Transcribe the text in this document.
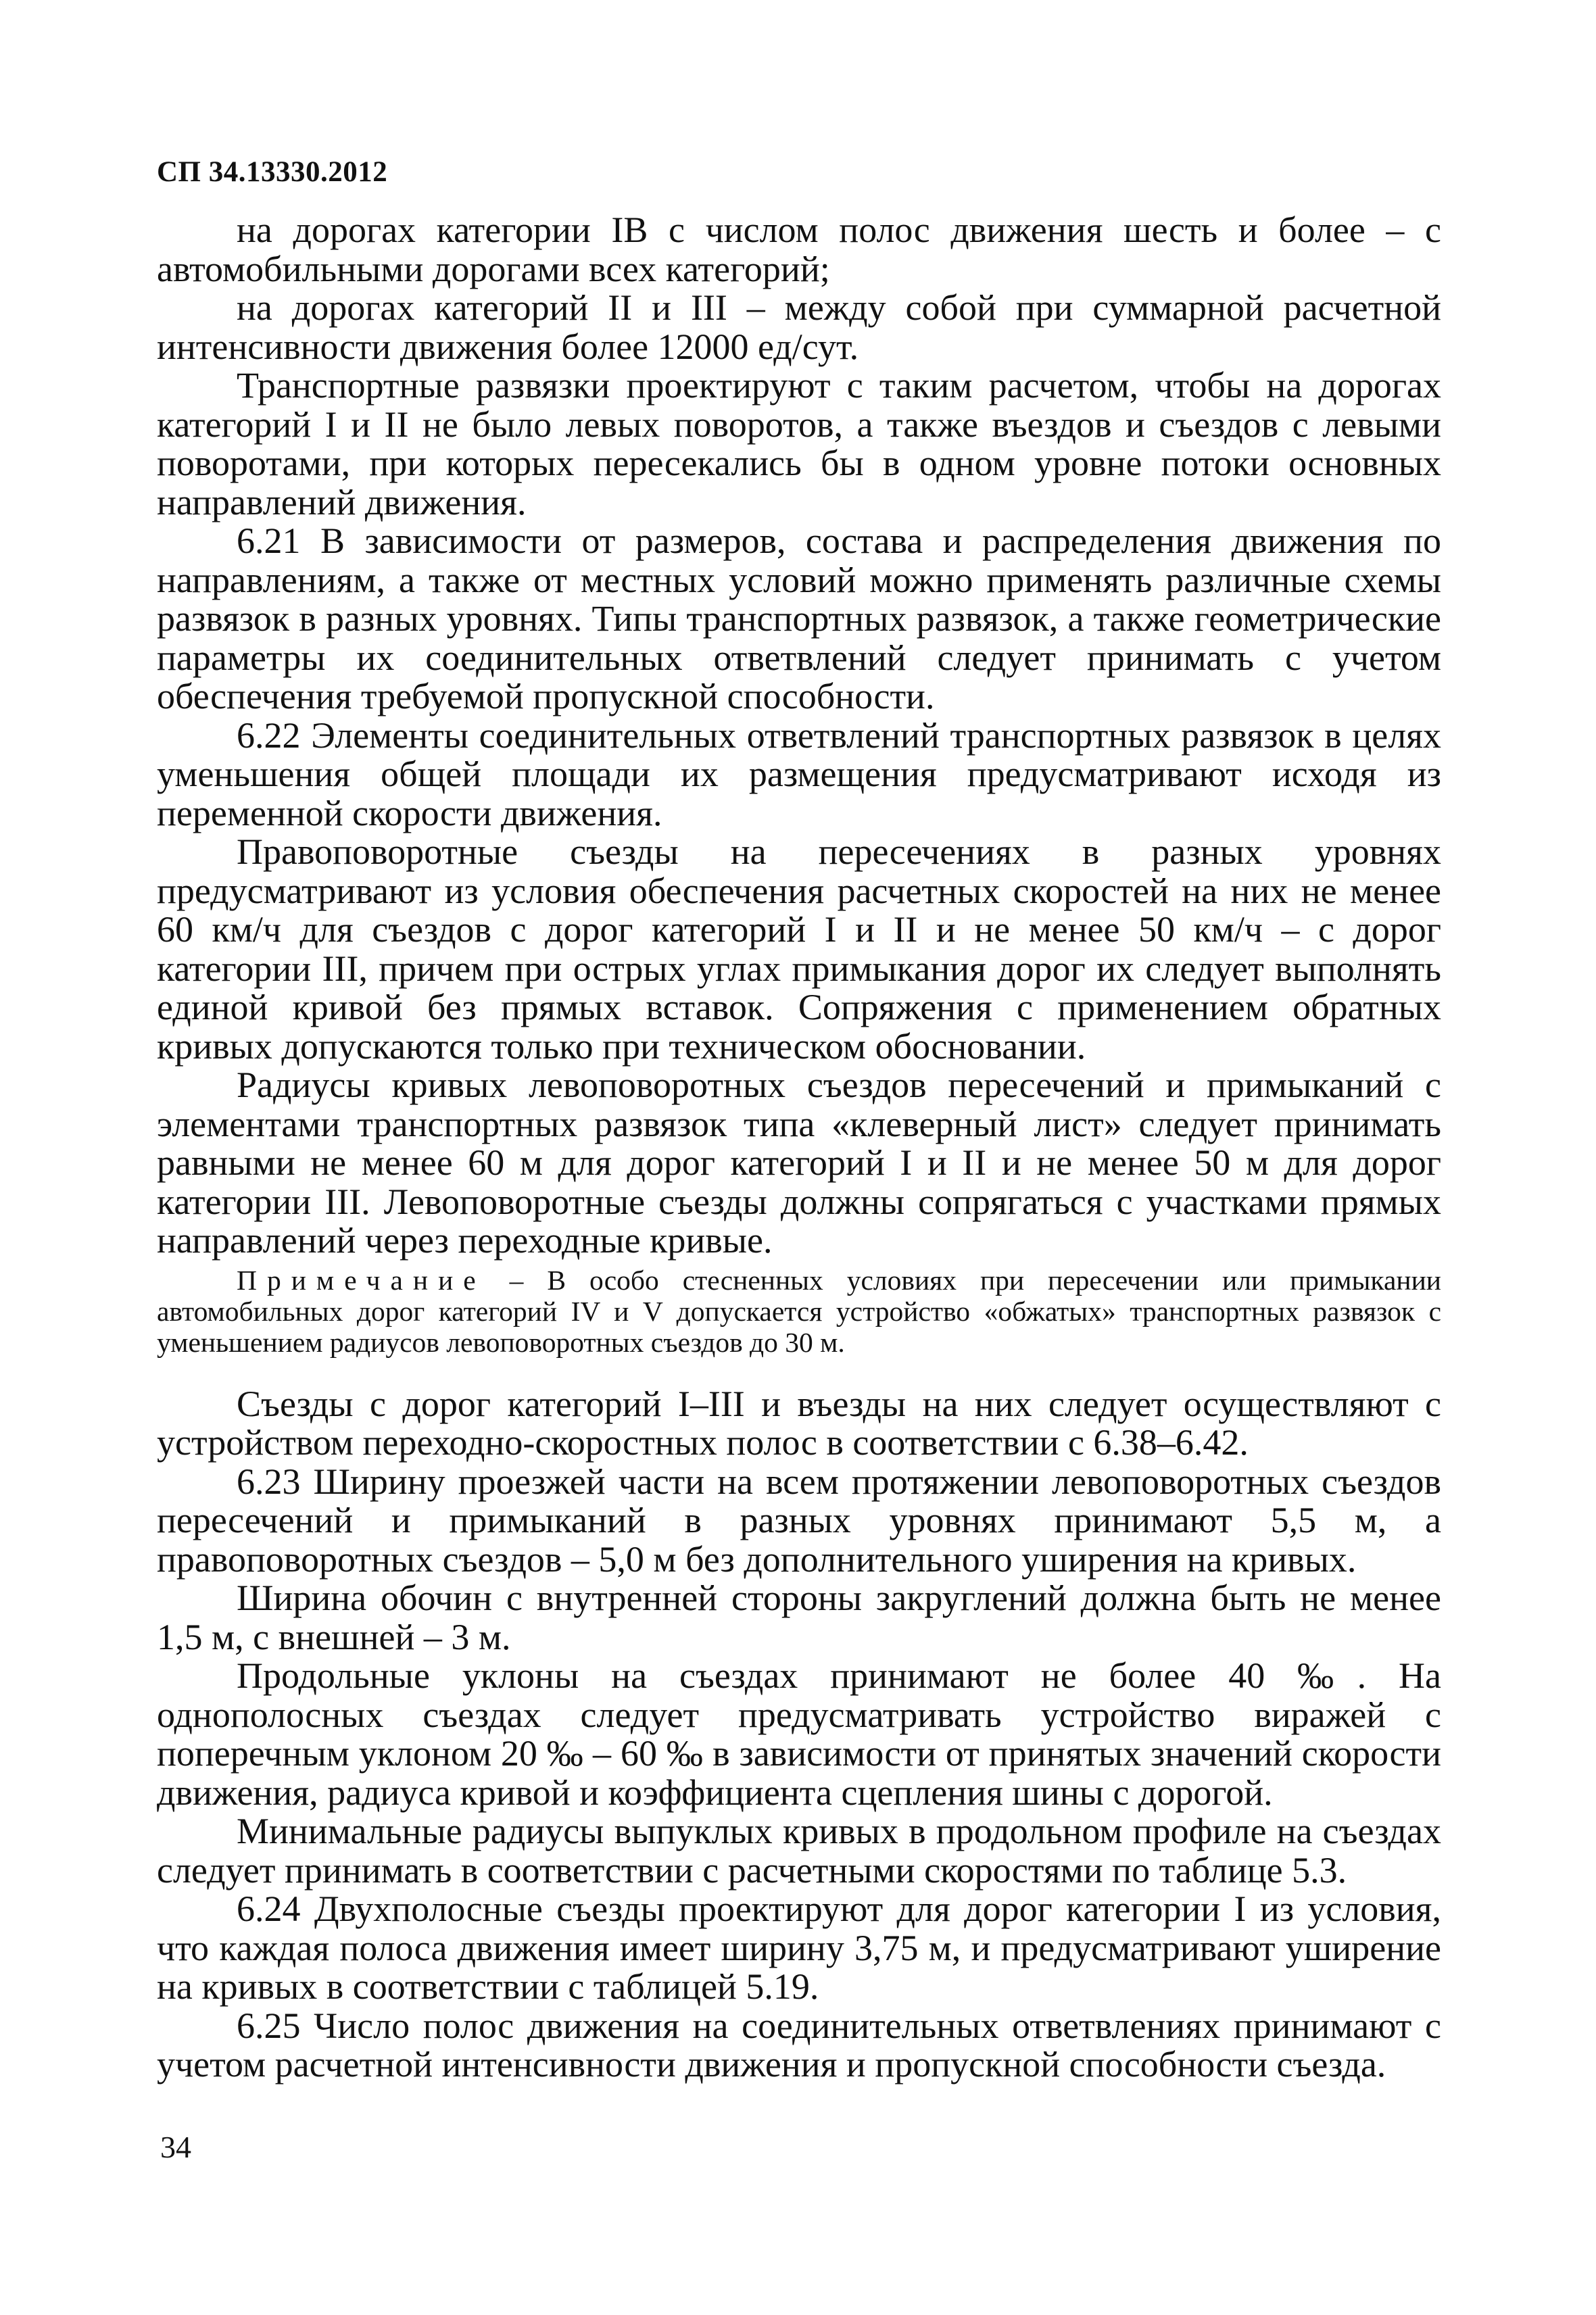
СП 34.13330.2012

на дорогах категории IB с числом полос движения шесть и более – с автомобильными дорогами всех категорий;

на дорогах категорий II и III – между собой при суммарной расчетной интенсивности движения более 12000 ед/сут.

Транспортные развязки проектируют с таким расчетом, чтобы на дорогах категорий I и II не было левых поворотов, а также въездов и съездов с левыми поворотами, при которых пересекались бы в одном уровне потоки основных направлений движения.

6.21 В зависимости от размеров, состава и распределения движения по направлениям, а также от местных условий можно применять различные схемы развязок в разных уровнях. Типы транспортных развязок, а также геометрические параметры их соединительных ответвлений следует принимать с учетом обеспечения требуемой пропускной способности.

6.22 Элементы соединительных ответвлений транспортных развязок в целях уменьшения общей площади их размещения предусматривают исходя из переменной скорости движения.

Правоповоротные съезды на пересечениях в разных уровнях предусматривают из условия обеспечения расчетных скоростей на них не менее 60 км/ч для съездов с дорог категорий I и II и не менее 50 км/ч – с дорог категории III, причем при острых углах примыкания дорог их следует выполнять единой кривой без прямых вставок. Сопряжения с применением обратных кривых допускаются только при техническом обосновании.

Радиусы кривых левоповоротных съездов пересечений и примыканий с элементами транспортных развязок типа «клеверный лист» следует принимать равными не менее 60 м для дорог категорий I и II и не менее 50 м для дорог категории III. Левоповоротные съезды должны сопрягаться с участками прямых направлений через переходные кривые.

Примечание – В особо стесненных условиях при пересечении или примыкании автомобильных дорог категорий IV и V допускается устройство «обжатых» транспортных развязок с уменьшением радиусов левоповоротных съездов до 30 м.

Съезды с дорог категорий I–III и въезды на них следует осуществляют с устройством переходно-скоростных полос в соответствии с 6.38–6.42.

6.23 Ширину проезжей части на всем протяжении левоповоротных съездов пересечений и примыканий в разных уровнях принимают 5,5 м, а правоповоротных съездов – 5,0 м без дополнительного уширения на кривых.

Ширина обочин с внутренней стороны закруглений должна быть не менее 1,5 м, с внешней – 3 м.

Продольные уклоны на съездах принимают не более 40 ‰. На однополосных съездах следует предусматривать устройство виражей с поперечным уклоном 20 ‰ – 60 ‰ в зависимости от принятых значений скорости движения, радиуса кривой и коэффициента сцепления шины с дорогой.

Минимальные радиусы выпуклых кривых в продольном профиле на съездах следует принимать в соответствии с расчетными скоростями по таблице 5.3.

6.24 Двухполосные съезды проектируют для дорог категории I из условия, что каждая полоса движения имеет ширину 3,75 м, и предусматривают уширение на кривых в соответствии с таблицей 5.19.

6.25 Число полос движения на соединительных ответвлениях принимают с учетом расчетной интенсивности движения и пропускной способности съезда.

34
